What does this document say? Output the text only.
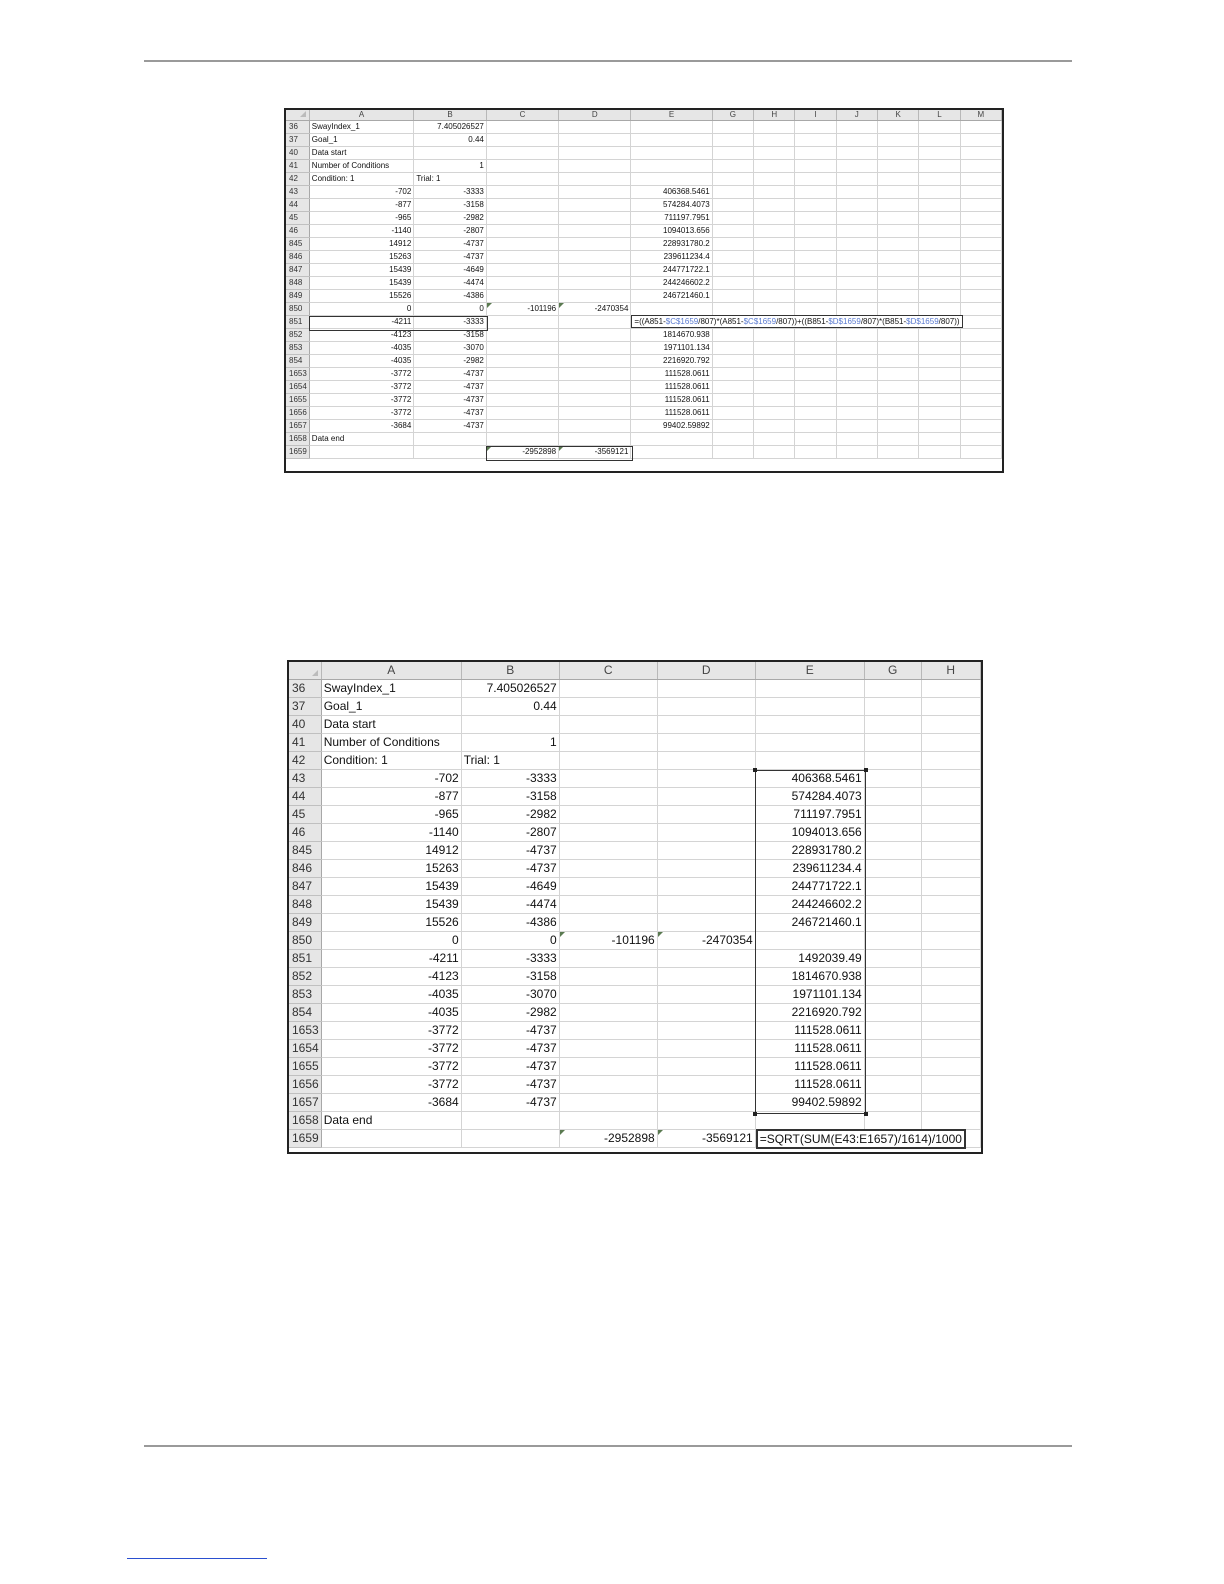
	A	B	C	D	E	G	H	I	J	K	L	M
36	SwayIndex_1	7.405026527										
37	Goal_1	0.44										
40	Data start											
41	Number of Conditions	1										
42	Condition: 1	Trial: 1										
43	-702	-3333			406368.5461							
44	-877	-3158			574284.4073							
45	-965	-2982			711197.7951							
46	-1140	-2807			1094013.656							
845	14912	-4737			228931780.2							
846	15263	-4737			239611234.4							
847	15439	-4649			244771722.1							
848	15439	-4474			244246602.2							
849	15526	-4386			246721460.1							
850	0	0	-101196	-2470354								
851	-4211	-3333			=((A851-$C$1659/807)*(A851-$C$1659/807))+((B851-$D$1659/807)*(B851-$D$1659/807))							

852	-4123	-3158			1814670.938							
853	-4035	-3070			1971101.134							
854	-4035	-2982			2216920.792							
1653	-3772	-4737			111528.0611							
1654	-3772	-4737			111528.0611							
1655	-3772	-4737			111528.0611							
1656	-3772	-4737			111528.0611							
1657	-3684	-4737			99402.59892							
1658	Data end											
1659			-2952898	-3569121								
	A	B	C	D	E	G	H
36	SwayIndex_1	7.405026527					
37	Goal_1	0.44					
40	Data start						
41	Number of Conditions	1					
42	Condition: 1	Trial: 1					
43	-702	-3333			406368.5461		
44	-877	-3158			574284.4073		
45	-965	-2982			711197.7951		
46	-1140	-2807			1094013.656		
845	14912	-4737			228931780.2		
846	15263	-4737			239611234.4		
847	15439	-4649			244771722.1		
848	15439	-4474			244246602.2		
849	15526	-4386			246721460.1		
850	0	0	-101196	-2470354			
851	-4211	-3333			1492039.49		
852	-4123	-3158			1814670.938		
853	-4035	-3070			1971101.134		
854	-4035	-2982			2216920.792		
1653	-3772	-4737			111528.0611		
1654	-3772	-4737			111528.0611		
1655	-3772	-4737			111528.0611		
1656	-3772	-4737			111528.0611		
1657	-3684	-4737			99402.59892		
1658	Data end						
1659			-2952898	-3569121	=SQRT(SUM(E43:E1657)/1614)/1000		
